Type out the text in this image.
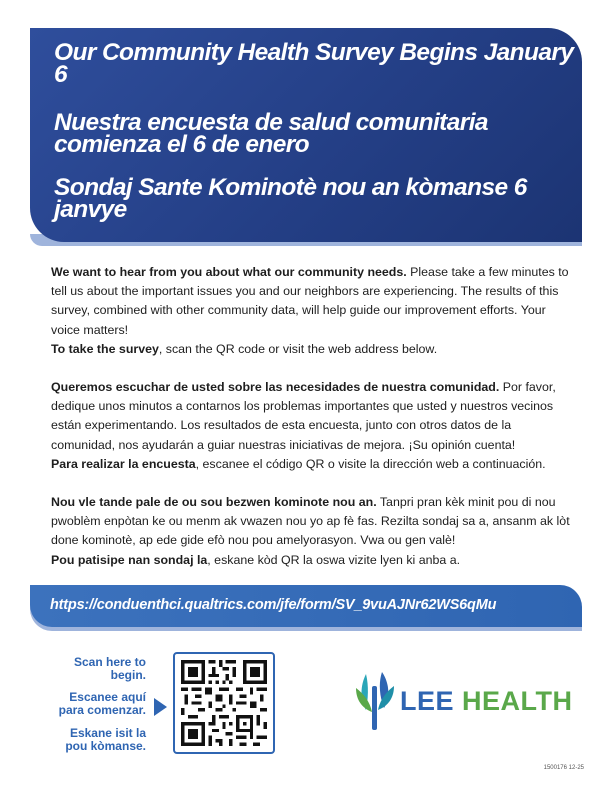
Our Community Health Survey Begins January 6
Nuestra encuesta de salud comunitaria comienza el 6 de enero
Sondaj Sante Kominotè nou an kòmanse 6 janvye

We want to hear from you about what our community needs. Please take a few minutes to tell us about the important issues you and our neighbors are experiencing. The results of this survey, combined with other community data, will help guide our improvement efforts. Your voice matters!
To take the survey, scan the QR code or visit the web address below.

Queremos escuchar de usted sobre las necesidades de nuestra comunidad. Por favor, dedique unos minutos a contarnos los problemas importantes que usted y nuestros vecinos están experimentando. Los resultados de esta encuesta, junto con otros datos de la comunidad, nos ayudarán a guiar nuestras iniciativas de mejora. ¡Su opinión cuenta!
Para realizar la encuesta, escanee el código QR o visite la dirección web a continuación.

Nou vle tande pale de ou sou bezwen kominote nou an. Tanpri pran kèk minit pou di nou pwoblèm enpòtan ke ou menm ak vwazen nou yo ap fè fas. Rezilta sondaj sa a, ansanm ak lòt done kominotè, ap ede gide efò nou pou amelyorasyon. Vwa ou gen valè!
Pou patisipe nan sondaj la, eskane kòd QR la oswa vizite lyen ki anba a.

https://conduenthci.qualtrics.com/jfe/form/SV_9vuAJNr62WS6qMu
Scan here to begin.
Escanee aquí para comenzar.
Eskane isit la pou kòmanse.
LEE HEALTH
1500176 12-25
